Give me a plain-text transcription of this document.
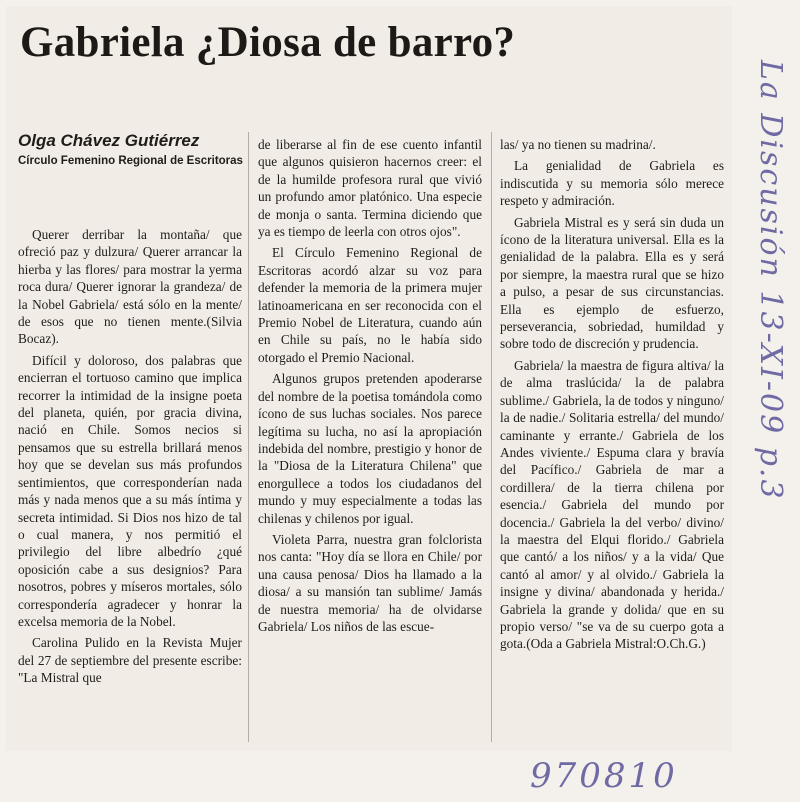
Gabriela ¿Diosa de barro?

Olga Chávez Gutiérrez

Círculo Femenino Regional de Escritoras

Querer derribar la montaña/ que ofreció paz y dulzura/ Querer arrancar la hierba y las flores/ para mostrar la yerma roca dura/ Querer ignorar la grandeza/ de la Nobel Gabriela/ está sólo en la mente/ de esos que no tienen mente.(Silvia Bocaz).

Difícil y doloroso, dos palabras que encierran el tortuoso camino que implica recorrer la intimidad de la insigne poeta del planeta, quién, por gracia divina, nació en Chile. Somos necios si pensamos que su estrella brillará menos hoy que se develan sus más profundos sentimientos, que corresponderían nada más y nada menos que a su más íntima y secreta intimidad. Si Dios nos hizo de tal o cual manera, y nos permitió el privilegio del libre albedrío ¿qué oposición cabe a sus designios? Para nosotros, pobres y míseros mortales, sólo correspondería agradecer y honrar la excelsa memoria de la Nobel.

Carolina Pulido en la Revista Mujer del 27 de septiembre del presente escribe: "La Mistral que

de liberarse al fin de ese cuento infantil que algunos quisieron hacernos creer: el de la humilde profesora rural que vivió un profundo amor platónico. Una especie de monja o santa. Termina diciendo que ya es tiempo de leerla con otros ojos".

El Círculo Femenino Regional de Escritoras acordó alzar su voz para defender la memoria de la primera mujer latinoamericana en ser reconocida con el Premio Nobel de Literatura, cuando aún en Chile su país, no le había sido otorgado el Premio Nacional.

Algunos grupos pretenden apoderarse del nombre de la poetisa tomándola como ícono de sus luchas sociales. Nos parece legítima su lucha, no así la apropiación indebida del nombre, prestigio y honor de la "Diosa de la Literatura Chilena" que enorgullece a todos los ciudadanos del mundo y muy especialmente a todas las chilenas y chilenos por igual.

Violeta Parra, nuestra gran folclorista nos canta: "Hoy día se llora en Chile/ por una causa penosa/ Dios ha llamado a la diosa/ a su mansión tan sublime/ Jamás de nuestra memoria/ ha de olvidarse Gabriela/ Los niños de las escue-

las/ ya no tienen su madrina/.

La genialidad de Gabriela es indiscutida y su memoria sólo merece respeto y admiración.

Gabriela Mistral es y será sin duda un ícono de la literatura universal. Ella es la genialidad de la palabra. Ella es y será por siempre, la maestra rural que se hizo a pulso, a pesar de sus circunstancias. Ella es ejemplo de esfuerzo, perseverancia, sobriedad, humildad y sobre todo de discreción y prudencia.

Gabriela/ la maestra de figura altiva/ la de alma traslúcida/ la de palabra sublime./ Gabriela, la de todos y ninguno/ la de nadie./ Solitaria estrella/ del mundo/ caminante y errante./ Gabriela de los Andes viviente./ Espuma clara y bravía del Pacífico./ Gabriela de mar a cordillera/ de la tierra chilena por esencia./ Gabriela del mundo por docencia./ Gabriela la del verbo/ divino/ la maestra del Elqui florido./ Gabriela que cantó/ a los niños/ y a la vida/ Que cantó al amor/ y al olvido./ Gabriela la insigne y divina/ abandonada y herida./ Gabriela la grande y dolida/ que en su propio verso/ "se va de su cuerpo gota a gota.(Oda a Gabriela Mistral:O.Ch.G.)

La Discusión 13-XI-09 p.3
970810
